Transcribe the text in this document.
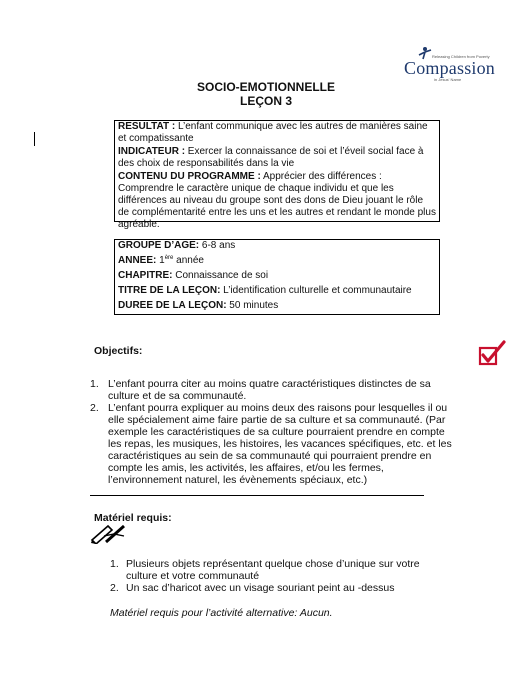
Releasing Children from Poverty
Compassion
in Jesus' Name
SOCIO-EMOTIONNELLE
LEÇON 3

RESULTAT : L’enfant communique avec les autres de manières saine et compatissante

INDICATEUR : Exercer la connaissance de soi et l’éveil social face à des choix de responsabilités dans la vie

CONTENU DU PROGRAMME : Apprécier des différences : Comprendre le caractère unique de chaque individu et que les différences au niveau du groupe sont des dons de Dieu jouant le rôle de complémentarité entre les uns et les autres et rendant le monde plus agréable.

GROUPE D’AGE: 6-8 ans

ANNEE: 1ère année

CHAPITRE: Connaissance de soi

TITRE DE LA LEÇON: L’identification culturelle et communautaire

DUREE DE LA LEÇON: 50 minutes

Objectifs:
1. L’enfant pourra citer au moins quatre caractéristiques distinctes de sa culture et de sa communauté.
2. L’enfant pourra expliquer au moins deux des raisons pour lesquelles il ou elle spécialement aime faire partie de sa culture et sa communauté. (Par exemple les caractéristiques de sa culture pourraient prendre en compte les repas, les musiques, les histoires, les vacances spécifiques, etc. et les caractéristiques au sein de sa communauté qui pourraient prendre en compte les amis, les activités, les affaires, et/ou les fermes, l’environnement naturel, les évènements spéciaux, etc.)
Matériel requis:
1. Plusieurs objets représentant quelque chose d’unique sur votre culture et votre communauté
2. Un sac d’haricot avec un visage souriant peint au -dessus
Matériel requis pour l’activité alternative: Aucun.
